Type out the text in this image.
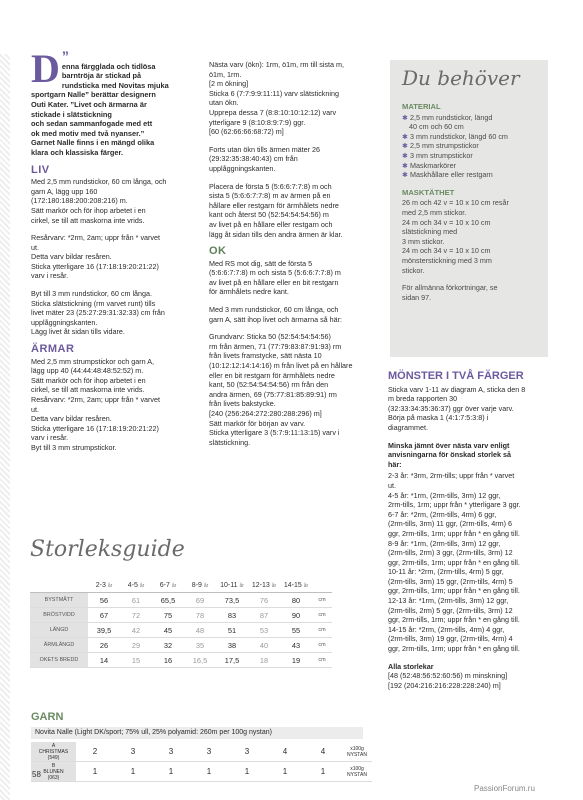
”
D enna färgglada och tidlösa
barntröja är stickad på
rundsticka med Novitas mjuka
sportgarn Nalle” berättar designern
Outi Kater. ”Livet och ärmarna är
stickade i slätstickning
och sedan sammanfogade med ett
ok med motiv med två nyanser.”
Garnet Nalle finns i en mängd olika
klara och klassiska färger.
LIV

Med 2,5 mm rundstickor, 60 cm långa, och
garn A, lägg upp 160
(172:180:188:200:208:216) m.
Sätt markör och för ihop arbetet i en
cirkel, se till att maskorna inte vrids.

Resårvarv: *2rm, 2am; uppr från * varvet
ut.
Detta varv bildar resåren.
Sticka ytterligare 16 (17:18:19:20:21:22)
varv i resår.

Byt till 3 mm rundstickor, 60 cm långa.
Sticka slätstickning (rm varvet runt) tills
livet mäter 23 (25:27:29:31:32:33) cm från
upplåggningskanten.
Lägg livet åt sidan tills vidare.

ÄRMAR

Med 2,5 mm strumpstickor och garn A,
lägg upp 40 (44:44:48:48:52:52) m.
Sätt markör och för ihop arbetet i en
cirkel, se till att maskorna inte vrids.
Resårvarv: *2rm, 2am; uppr från * varvet
ut.
Detta varv bildar resåren.
Sticka ytterligare 16 (17:18:19:20:21:22)
varv i resår.
Byt till 3 mm strumpstickor.

Nästa varv (ökn): 1rm, ö1m, rm till sista m,
ö1m, 1rm.
[2 m ökning]
Sticka 6 (7:7:9:9:11:11) varv slätstickning
utan ökn.
Upprepa dessa 7 (8:8:10:10:12:12) varv
ytterligare 9 (8:10:8:9:7:9) ggr.
[60 (62:66:66:68:72) m]

Forts utan ökn tills ärmen mäter 26
(29:32:35:38:40:43) cm från
upplåggningskanten.

Placera de första 5 (5:6:6:7:7:8) m och
sista 5 (5:6:6:7:7:8) m av ärmen på en
hållare eller restgarn för ärmhålets nedre
kant och återst 50 (52:54:54:54:56) m
av livet på en hållare eller restgarn och
lägg åt sidan tills den andra ärmen är klar.

OK

Med RS mot dig, sätt de första 5
(5:6:6:7:7:8) m och sista 5 (5:6:6:7:7:8) m
av livet på en hållare eller en bit restgarn
för ärmhålets nedre kant.

Med 3 mm rundstickor, 60 cm långa, och
garn A, sätt ihop livet och ärmarna så här:

Grundvarv: Sticka 50 (52:54:54:54:56)
rm från ärmen, 71 (77:79:83:87:91:93) rm
från livets framstycke, sätt nästa 10
(10:12:12:14:14:16) m från livet på en hållare
eller en bit restgarn för ärmhålets nedre
kant, 50 (52:54:54:54:56) rm från den
andra ärmen, 69 (75:77:81:85:89:91) rm
från livets bakstycke.
[240 (256:264:272:280:288:296) m]
Sätt markör för början av varv.
Sticka ytterligare 3 (5:7:9:11:13:15) varv i
slätstickning.

Du behöver
MATERIAL

✱ 2,5 mm rundstickor, längd
40 cm och 60 cm
✱ 3 mm rundstickor, längd 60 cm
✱ 2,5 mm strumpstickor
✱ 3 mm strumpstickor
✱ Maskmarkörer
✱ Maskhållare eller restgarn

MASKTÄTHET

26 m och 42 v = 10 x 10 cm resår
med 2,5 mm stickor.
24 m och 34 v = 10 x 10 cm
slätstickning med
3 mm stickor.
24 m och 34 v = 10 x 10 cm
mönsterstickning med 3 mm
stickor.

För allmänna förkortningar, se
sidan 97.

MÖNSTER I TVÅ FÄRGER

Sticka varv 1-11 av diagram A, sticka den 8
m breda rapporten 30
(32:33:34:35:36:37) ggr över varje varv.
Börja på maska 1 (4:1:7:5:3:8) i
diagrammet.

Minska jämnt över nästa varv enligt
anvisningarna för önskad storlek så
här:

2-3 år: *3rm, 2rm-tills; uppr från * varvet
ut.
4-5 år: *1rm, (2rm-tills, 3rm) 12 ggr,
2rm-tills, 1rm; uppr från * ytterligare 3 ggr.
6-7 år: *2rm, (2rm-tills, 4rm) 6 ggr,
(2rm-tills, 3rm) 11 ggr, (2rm-tills, 4rm) 6
ggr, 2rm-tills, 1rm; uppr från * en gång till.
8-9 år: *1rm, (2rm-tills, 3rm) 12 ggr,
(2rm-tills, 2rm) 3 ggr, (2rm-tills, 3rm) 12
ggr, 2rm-tills, 1rm; uppr från * en gång till.
10-11 år: *2rm, (2rm-tills, 4rm) 5 ggr,
(2rm-tills, 3rm) 15 ggr, (2rm-tills, 4rm) 5
ggr, 2rm-tills, 1rm; uppr från * en gång till.
12-13 år: *1rm, (2rm-tills, 3rm) 12 ggr,
(2rm-tills, 2rm) 5 ggr, (2rm-tills, 3rm) 12
ggr, 2rm-tills, 1rm; uppr från * en gång till.
14-15 år: *2rm, (2rm-tills, 4rm) 4 ggr,
(2rm-tills, 3rm) 19 ggr, (2rm-tills, 4rm) 4
ggr, 2rm-tills, 1rm; uppr från * en gång till.

Alla storlekar

[48 (52:48:56:52:60:56) m minskning]
[192 (204:216:216:228:228:240) m]

Storleksguide
	2-3 år	4-5 år	6-7 år	8-9 år	10-11 år	12-13 år	14-15 år	
BYSTMÅTT	56	61	65,5	69	73,5	76	80	cm
BRÖSTVIDD	67	72	75	78	83	87	90	cm
LÄNGD	39,5	42	45	48	51	53	55	cm
ÄRMLÄNGD	26	29	32	35	38	40	43	cm
OKETS BREDD	14	15	16	16,5	17,5	18	19	cm
GARN
Novita Nalle (Light DK/sport; 75% ull, 25% polyamid: 260m per 100g nystan)
A
CHRISTMAS
(549)	2	3	3	3	3	4	4	x100g
NYSTAN
B
BLUNEN
(063)	1	1	1	1	1	1	1	x100g
NYSTAN
58
PassionForum.ru
